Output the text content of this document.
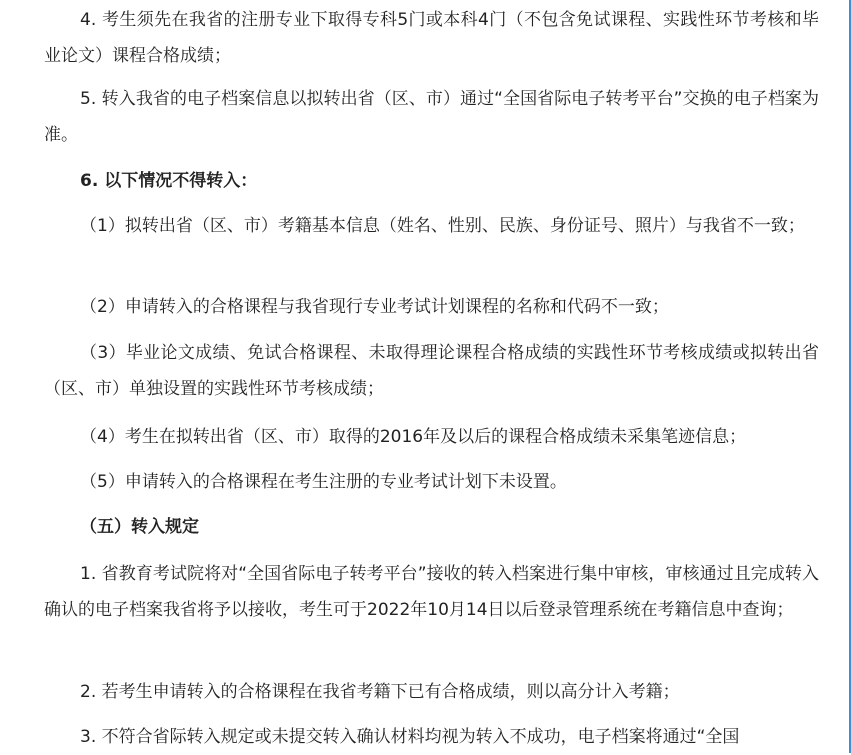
4. 考生须先在我省的注册专业下取得专科5门或本科4门（不包含免试课程、实践性环节考核和毕业论文）课程合格成绩；

5. 转入我省的电子档案信息以拟转出省（区、市）通过“全国省际电子转考平台”交换的电子档案为准。

6. 以下情况不得转入：

（1）拟转出省（区、市）考籍基本信息（姓名、性别、民族、身份证号、照片）与我省不一致；

（2）申请转入的合格课程与我省现行专业考试计划课程的名称和代码不一致；

（3）毕业论文成绩、免试合格课程、未取得理论课程合格成绩的实践性环节考核成绩或拟转出省（区、市）单独设置的实践性环节考核成绩；

（4）考生在拟转出省（区、市）取得的2016年及以后的课程合格成绩未采集笔迹信息；

（5）申请转入的合格课程在考生注册的专业考试计划下未设置。

（五）转入规定

1. 省教育考试院将对“全国省际电子转考平台”接收的转入档案进行集中审核，审核通过且完成转入确认的电子档案我省将予以接收，考生可于2022年10月14日以后登录管理系统在考籍信息中查询；

2. 若考生申请转入的合格课程在我省考籍下已有合格成绩，则以高分计入考籍；

3. 不符合省际转入规定或未提交转入确认材料均视为转入不成功，电子档案将通过“全国
